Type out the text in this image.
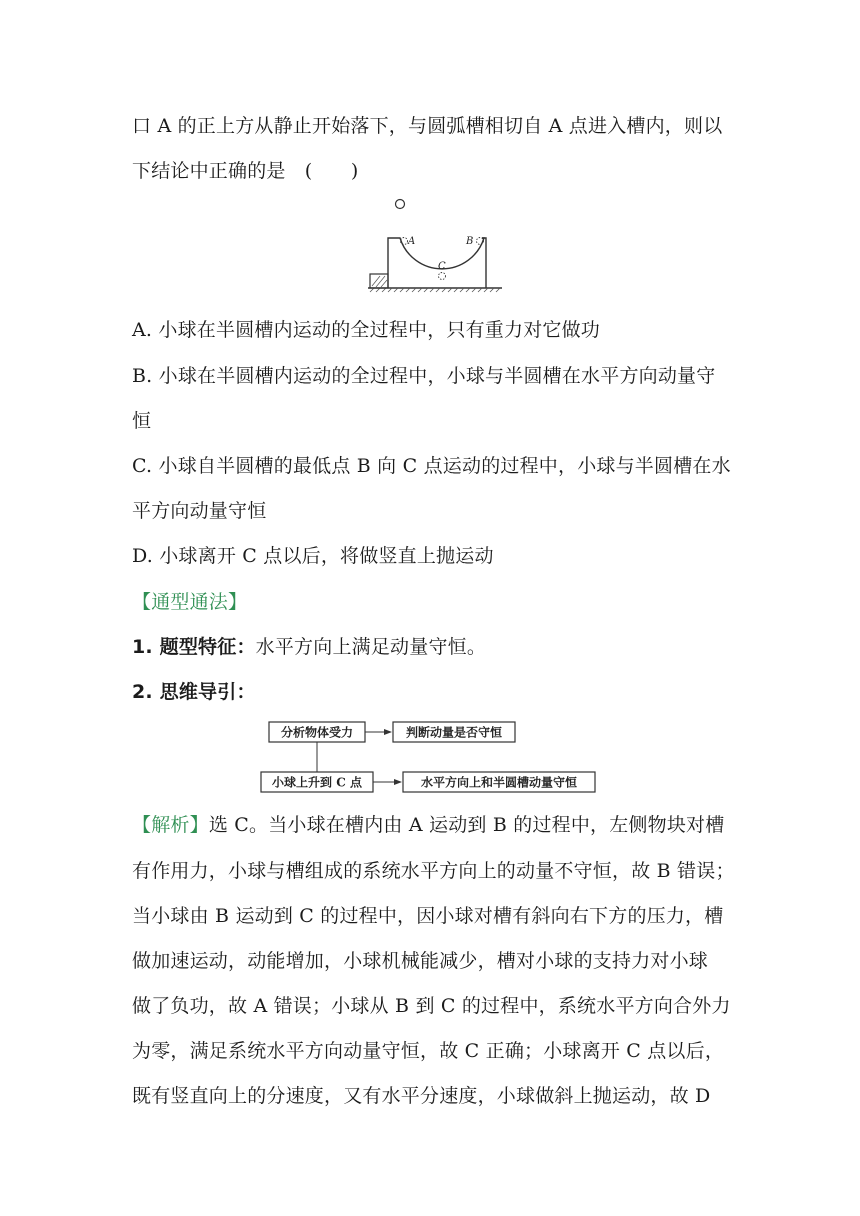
口 A 的正上方从静止开始落下，与圆弧槽相切自 A 点进入槽内，则以
下结论中正确的是　(　　)
A	B
C
A. 小球在半圆槽内运动的全过程中，只有重力对它做功
B. 小球在半圆槽内运动的全过程中，小球与半圆槽在水平方向动量守
恒
C. 小球自半圆槽的最低点 B 向 C 点运动的过程中，小球与半圆槽在水
平方向动量守恒
D. 小球离开 C 点以后，将做竖直上抛运动
【通型通法】
1. 题型特征：水平方向上满足动量守恒。
2. 思维导引：
分析物体受力	判断动量是否守恒
小球上升到 C 点	水平方向上和半圆槽动量守恒
【解析】选 C。当小球在槽内由 A 运动到 B 的过程中，左侧物块对槽
有作用力，小球与槽组成的系统水平方向上的动量不守恒，故 B 错误；
当小球由 B 运动到 C 的过程中，因小球对槽有斜向右下方的压力，槽
做加速运动，动能增加，小球机械能减少，槽对小球的支持力对小球
做了负功，故 A 错误；小球从 B 到 C 的过程中，系统水平方向合外力
为零，满足系统水平方向动量守恒，故 C 正确；小球离开 C 点以后，
既有竖直向上的分速度，又有水平分速度，小球做斜上抛运动，故 D
